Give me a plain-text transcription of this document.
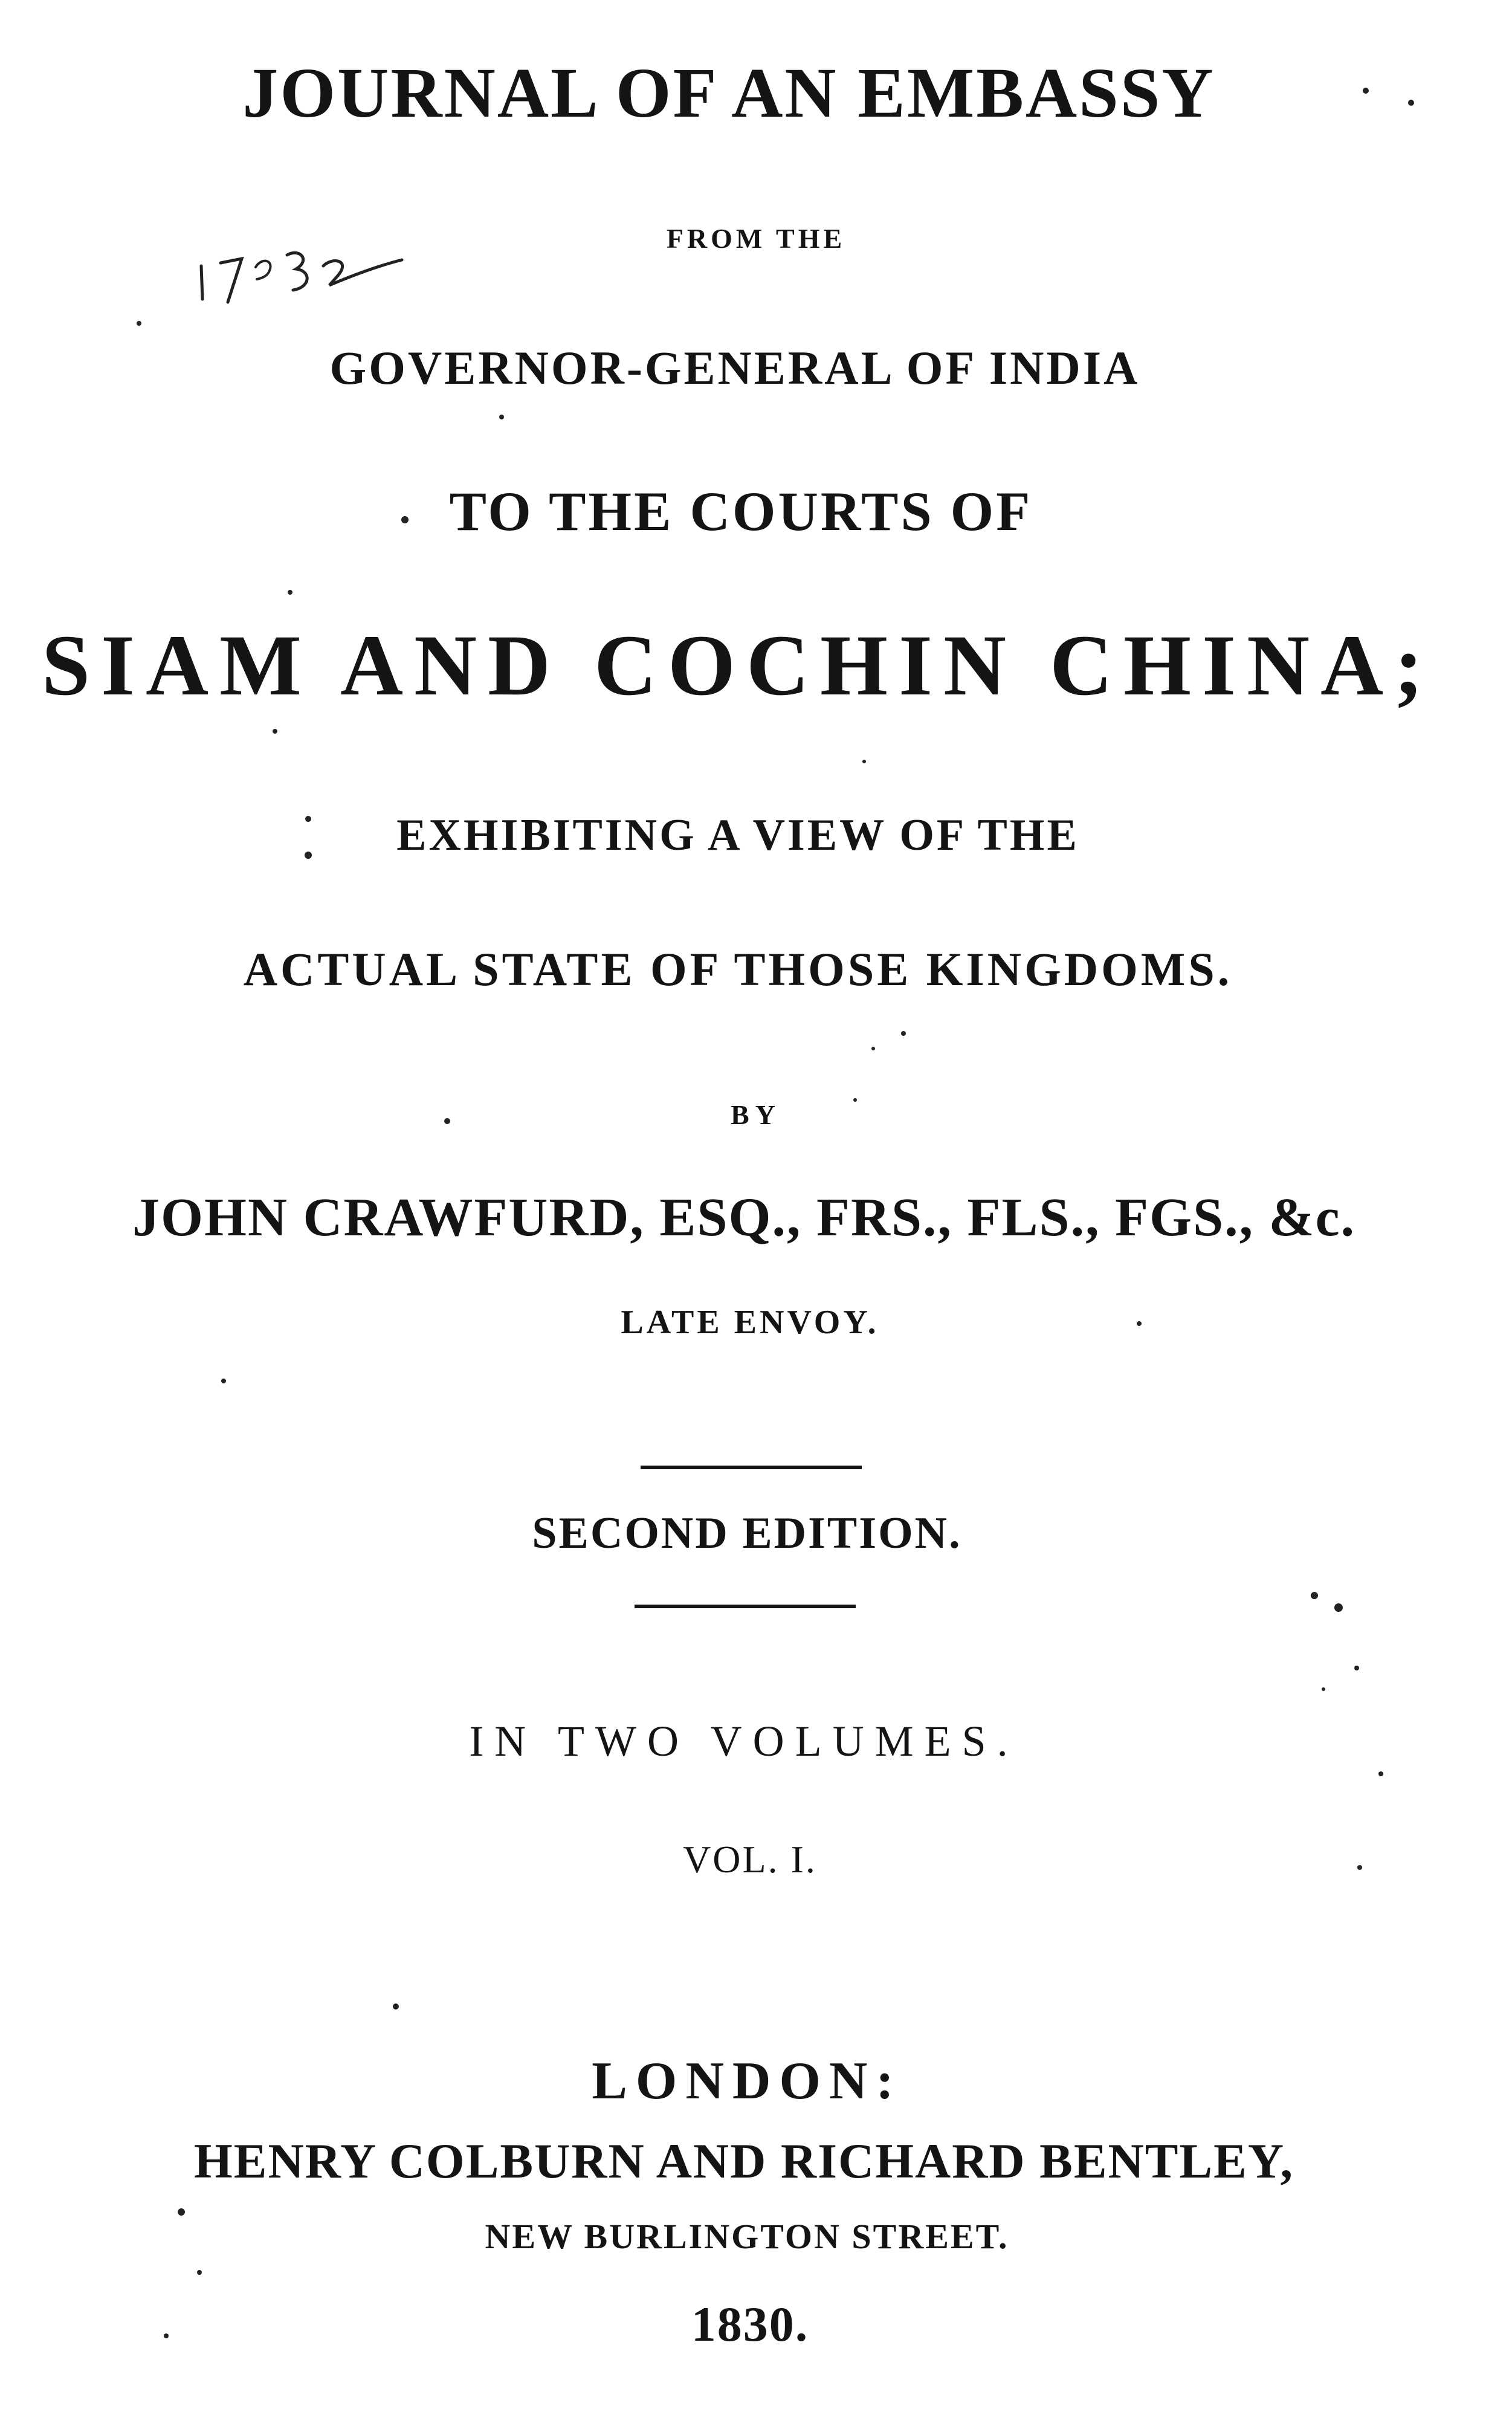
JOURNAL OF AN EMBASSY
FROM THE
GOVERNOR-GENERAL OF INDIA
TO THE COURTS OF
SIAM AND COCHIN CHINA;
EXHIBITING A VIEW OF THE
ACTUAL STATE OF THOSE KINGDOMS.
BY
JOHN CRAWFURD, ESQ., FRS., FLS., FGS., &c.
LATE ENVOY.
SECOND EDITION.
IN TWO VOLUMES.
VOL. I.
LONDON:
HENRY COLBURN AND RICHARD BENTLEY,
NEW BURLINGTON STREET.
1830.
